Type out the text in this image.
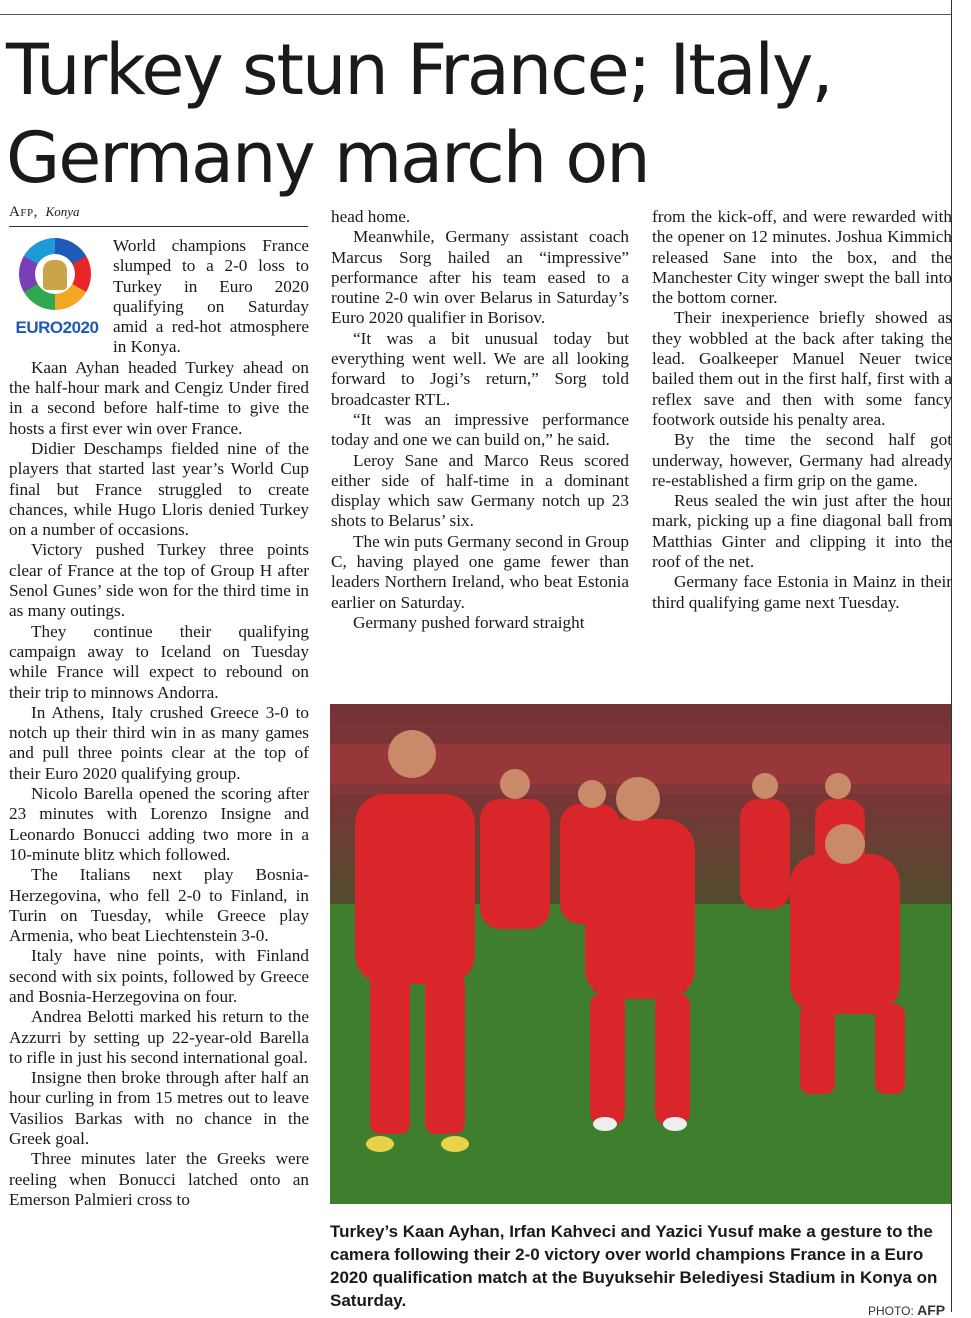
Turkey stun France; Italy, Germany march on
Afp, Konya
EURO2020

World champions France slumped to a 2-0 loss to Turkey in Euro 2020 qualifying on Saturday amid a red-hot atmosphere in Konya.

Kaan Ayhan headed Turkey ahead on the half-hour mark and Cengiz Under fired in a second before half-time to give the hosts a first ever win over France.

Didier Deschamps fielded nine of the players that started last year’s World Cup final but France struggled to create chances, while Hugo Lloris denied Turkey on a number of occasions.

Victory pushed Turkey three points clear of France at the top of Group H after Senol Gunes’ side won for the third time in as many outings.

They continue their qualifying campaign away to Iceland on Tuesday while France will expect to rebound on their trip to minnows Andorra.

In Athens, Italy crushed Greece 3-0 to notch up their third win in as many games and pull three points clear at the top of their Euro 2020 qualifying group.

Nicolo Barella opened the scoring after 23 minutes with Lorenzo Insigne and Leonardo Bonucci adding two more in a 10-minute blitz which followed.

The Italians next play Bosnia-Herzegovina, who fell 2-0 to Finland, in Turin on Tuesday, while Greece play Armenia, who beat Liechtenstein 3-0.

Italy have nine points, with Finland second with six points, followed by Greece and Bosnia-Herzegovina on four.

Andrea Belotti marked his return to the Azzurri by setting up 22-year-old Barella to rifle in just his second international goal.

Insigne then broke through after half an hour curling in from 15 metres out to leave Vasilios Barkas with no chance in the Greek goal.

Three minutes later the Greeks were reeling when Bonucci latched onto an Emerson Palmieri cross to

head home.

Meanwhile, Germany assistant coach Marcus Sorg hailed an “impressive” performance after his team eased to a routine 2-0 win over Belarus in Saturday’s Euro 2020 qualifier in Borisov.

“It was a bit unusual today but everything went well. We are all looking forward to Jogi’s return,” Sorg told broadcaster RTL.

“It was an impressive performance today and one we can build on,” he said.

Leroy Sane and Marco Reus scored either side of half-time in a dominant display which saw Germany notch up 23 shots to Belarus’ six.

The win puts Germany second in Group C, having played one game fewer than leaders Northern Ireland, who beat Estonia earlier on Saturday.

Germany pushed forward straight

from the kick-off, and were rewarded with the opener on 12 minutes. Joshua Kimmich released Sane into the box, and the Manchester City winger swept the ball into the bottom corner.

Their inexperience briefly showed as they wobbled at the back after taking the lead. Goalkeeper Manuel Neuer twice bailed them out in the first half, first with a reflex save and then with some fancy footwork outside his penalty area.

By the time the second half got underway, however, Germany had already re-established a firm grip on the game.

Reus sealed the win just after the hour mark, picking up a fine diagonal ball from Matthias Ginter and clipping it into the roof of the net.

Germany face Estonia in Mainz in their third qualifying game next Tuesday.

Turkey’s Kaan Ayhan, Irfan Kahveci and Yazici Yusuf make a gesture to the camera following their 2-0 victory over world champions France in a Euro 2020 qualification match at the Buyuksehir Belediyesi Stadium in Konya on Saturday.

PHOTO: AFP
